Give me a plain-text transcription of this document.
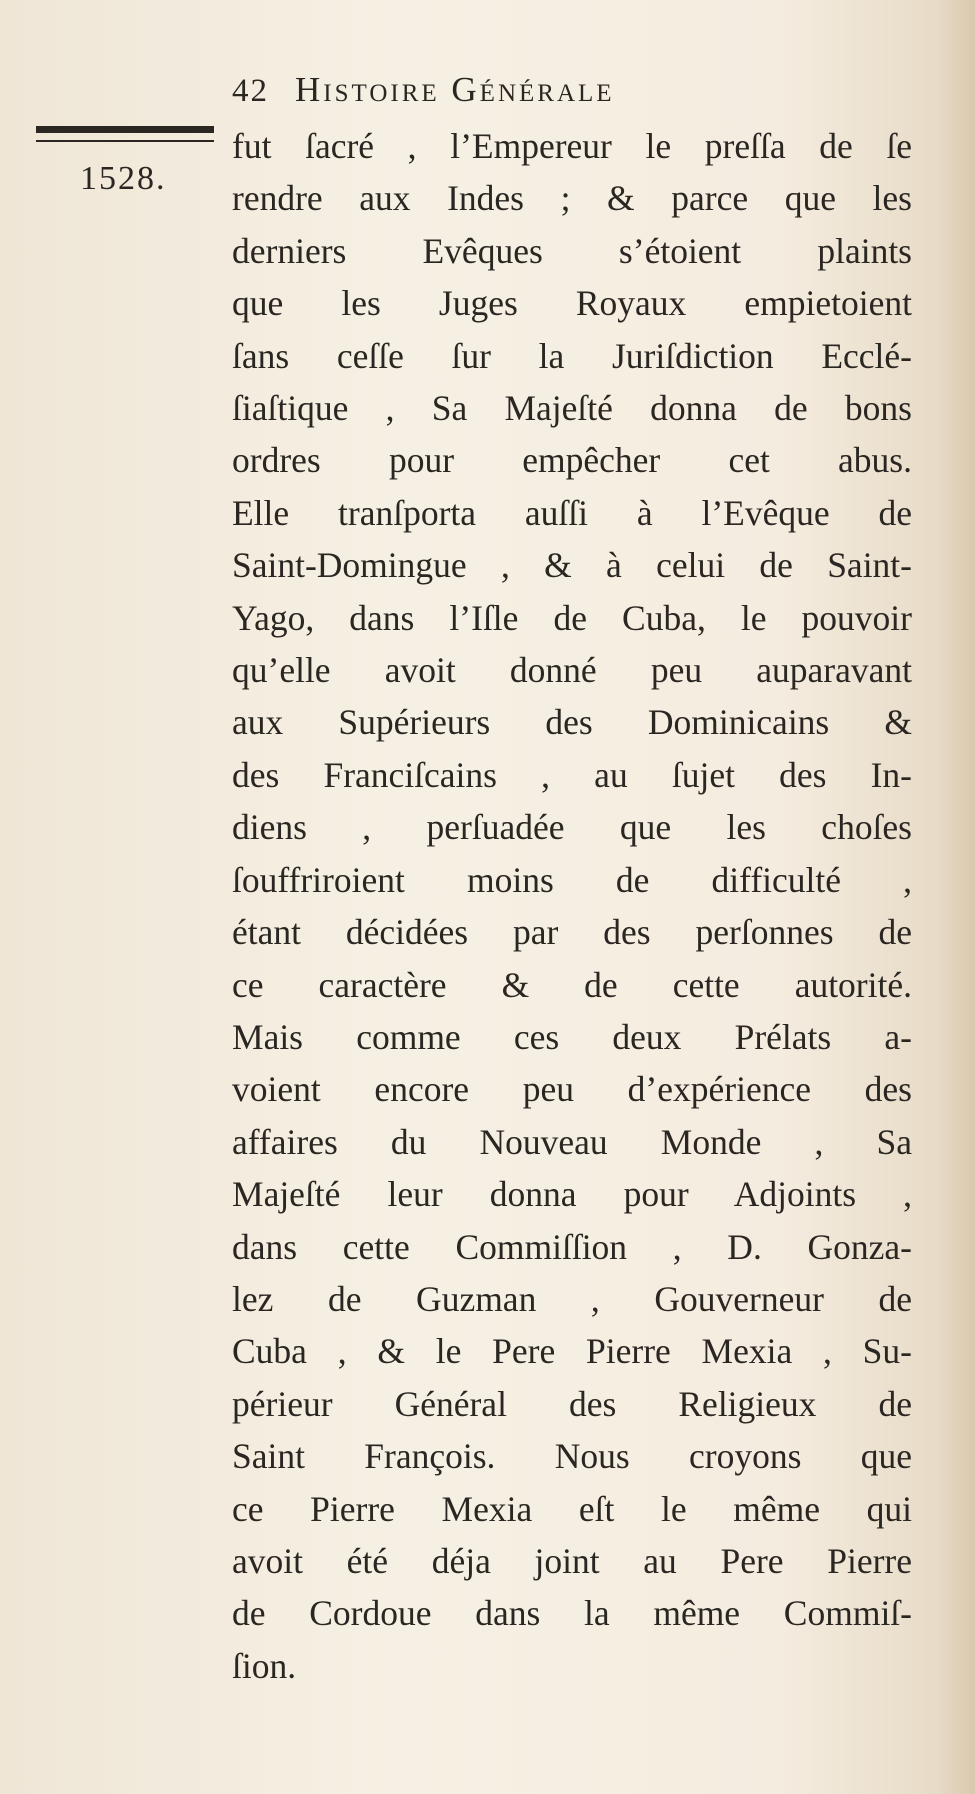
42 Histoire Générale
1528.
fut ſacré , l’Empereur le preſſa de ſe
rendre aux Indes ; & parce que les
derniers Evêques s’étoient plaints
que les Juges Royaux empietoient
ſans ceſſe ſur la Juriſdiction Ecclé-
ſiaſtique , Sa Majeſté donna de bons
ordres pour empêcher cet abus.
Elle tranſporta auſſi à l’Evêque de
Saint-Domingue , & à celui de Saint-
Yago, dans l’Iſle de Cuba, le pouvoir
qu’elle avoit donné peu auparavant
aux Supérieurs des Dominicains &
des Franciſcains , au ſujet des In-
diens , perſuadée que les choſes
ſouffriroient moins de difficulté ,
étant décidées par des perſonnes de
ce caractère & de cette autorité.
Mais comme ces deux Prélats a-
voient encore peu d’expérience des
affaires du Nouveau Monde , Sa
Majeſté leur donna pour Adjoints ,
dans cette Commiſſion , D. Gonza-
lez de Guzman , Gouverneur de
Cuba , & le Pere Pierre Mexia , Su-
périeur Général des Religieux de
Saint François. Nous croyons que
ce Pierre Mexia eſt le même qui
avoit été déja joint au Pere Pierre
de Cordoue dans la même Commiſ-
ſion.
